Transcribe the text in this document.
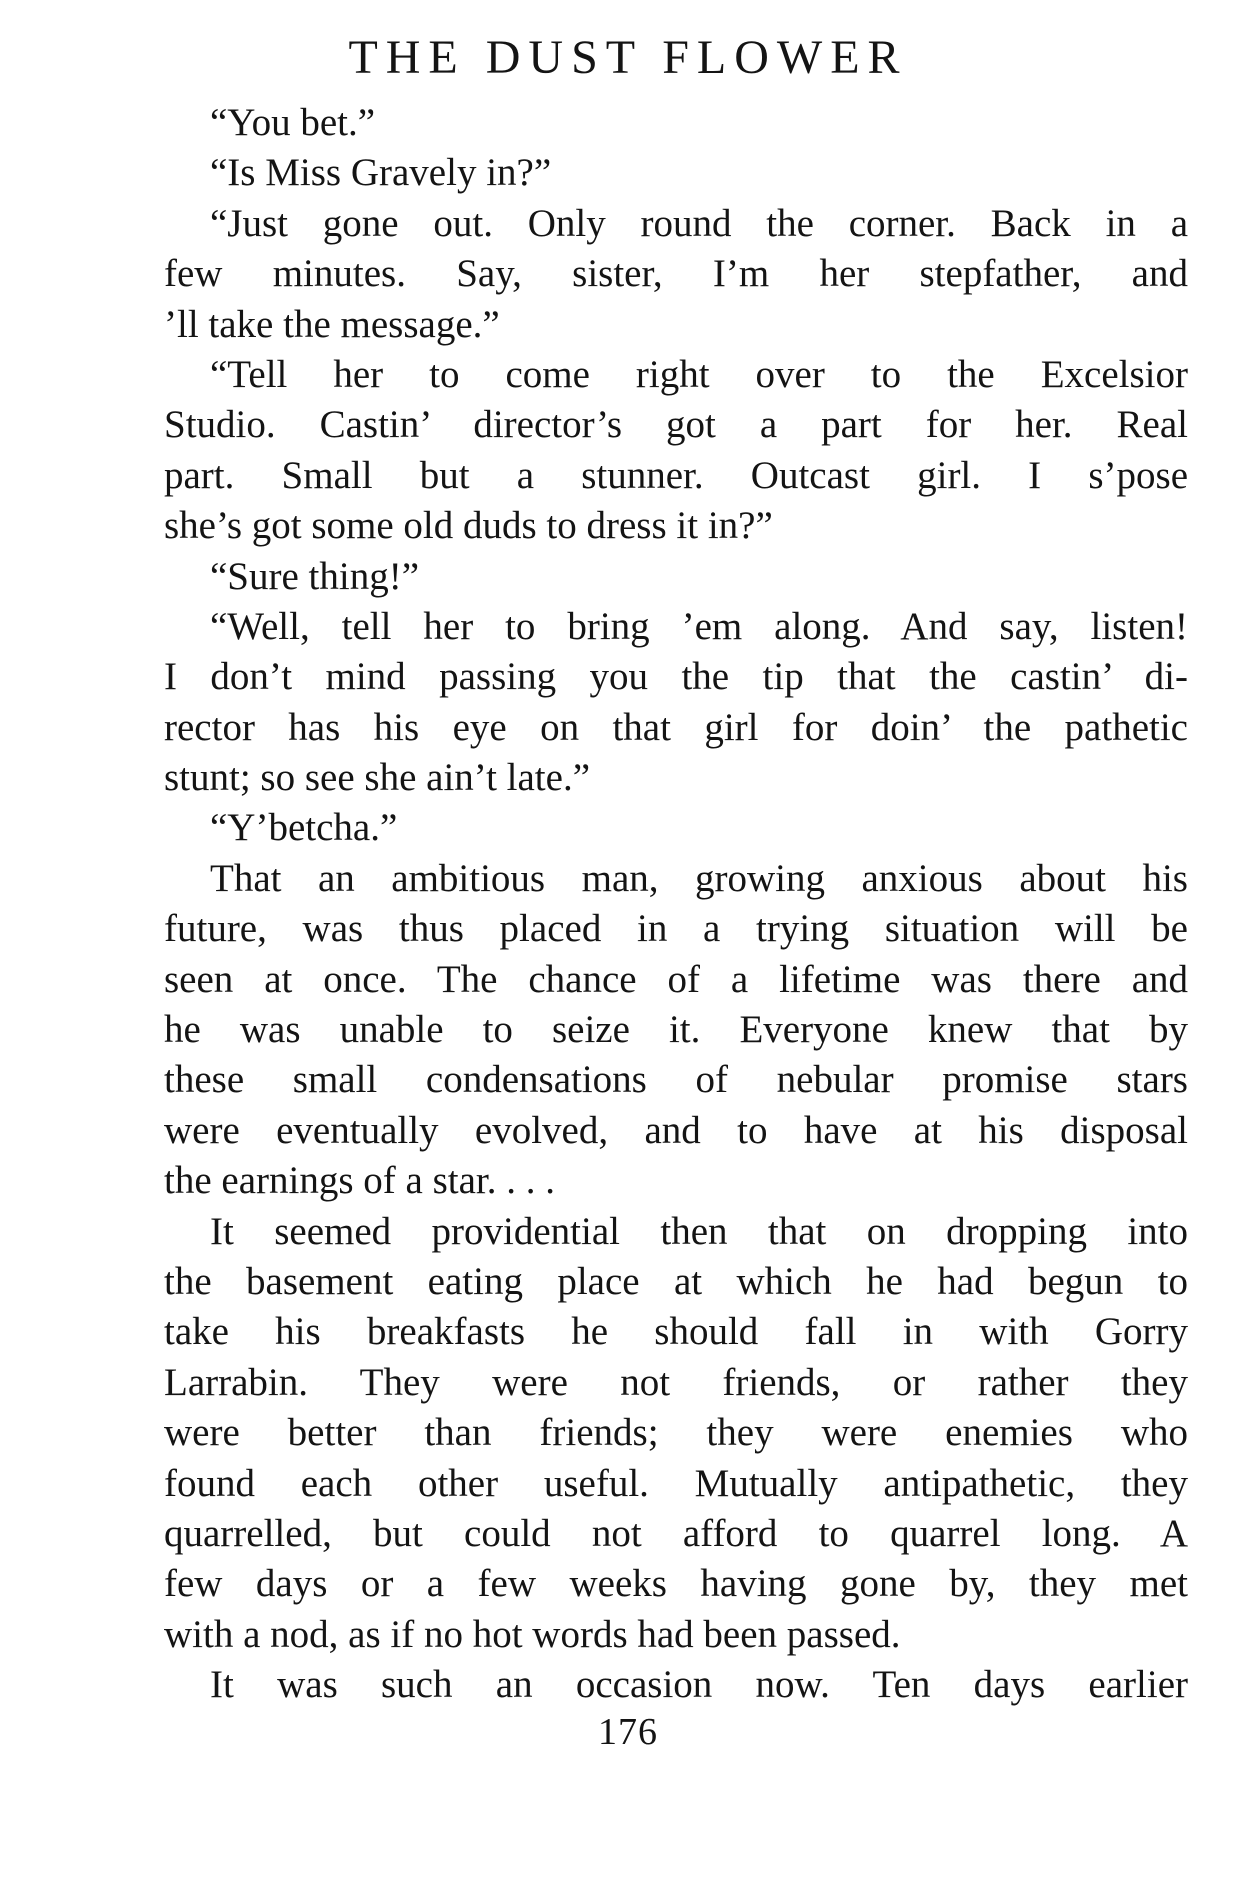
THE DUST FLOWER
“You bet.”
“Is Miss Gravely in?”
“Just gone out. Only round the corner. Back in a
few minutes. Say, sister, I’m her stepfather, and
’ll take the message.”
“Tell her to come right over to the Excelsior
Studio. Castin’ director’s got a part for her. Real
part. Small but a stunner. Outcast girl. I s’pose
she’s got some old duds to dress it in?”
“Sure thing!”
“Well, tell her to bring ’em along. And say, listen!
I don’t mind passing you the tip that the castin’ di-
rector has his eye on that girl for doin’ the pathetic
stunt; so see she ain’t late.”
“Y’betcha.”
That an ambitious man, growing anxious about his
future, was thus placed in a trying situation will be
seen at once. The chance of a lifetime was there and
he was unable to seize it. Everyone knew that by
these small condensations of nebular promise stars
were eventually evolved, and to have at his disposal
the earnings of a star. . . .
It seemed providential then that on dropping into
the basement eating place at which he had begun to
take his breakfasts he should fall in with Gorry
Larrabin. They were not friends, or rather they
were better than friends; they were enemies who
found each other useful. Mutually antipathetic, they
quarrelled, but could not afford to quarrel long. A
few days or a few weeks having gone by, they met
with a nod, as if no hot words had been passed.
It was such an occasion now. Ten days earlier
176
